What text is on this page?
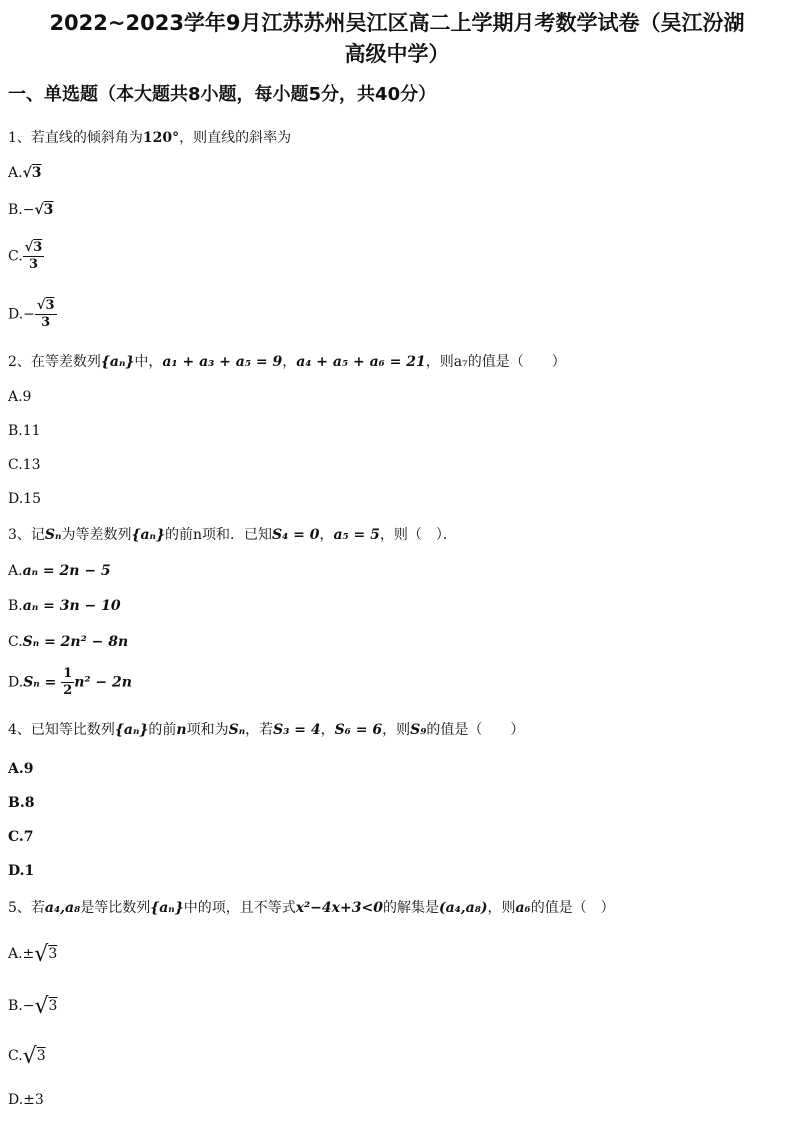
2022~2023学年9月江苏苏州吴江区高二上学期月考数学试卷（吴江汾湖
高级中学）
一、单选题（本大题共8小题，每小题5分，共40分）
1、若直线的倾斜角为120°，则直线的斜率为
A.√3
B.−√3
C. $\frac{√3}{3}$
$D.- \frac{√3}{3}$
2、在等差数列{aₙ}中，a₁ + a₃ + a₅ = 9，a₄ + a₅ + a₆ = 21，则a₇的值是（　　）
A.9
B.11
C.13
D.15
3、记Sₙ为等差数列{aₙ}的前n项和．已知S₄ = 0，a₅ = 5，则（　）．
A.aₙ = 2n − 5
B.aₙ = 3n − 10
C.Sₙ = 2n² − 8n
$D.S_n = \frac{1}{2} n^2 - 2n$
4、已知等比数列{aₙ}的前n项和为Sₙ，若S₃ = 4，S₆ = 6，则S₉的值是（　　）
A.9
B.8
C.7
D.1
5、若a₄,a₈是等比数列{aₙ}中的项，且不等式x²−4x+3<0的解集是(a₄,a₈)，则a₆的值是（　）
A.±√3
B.−√3
C.√3
D.±3
